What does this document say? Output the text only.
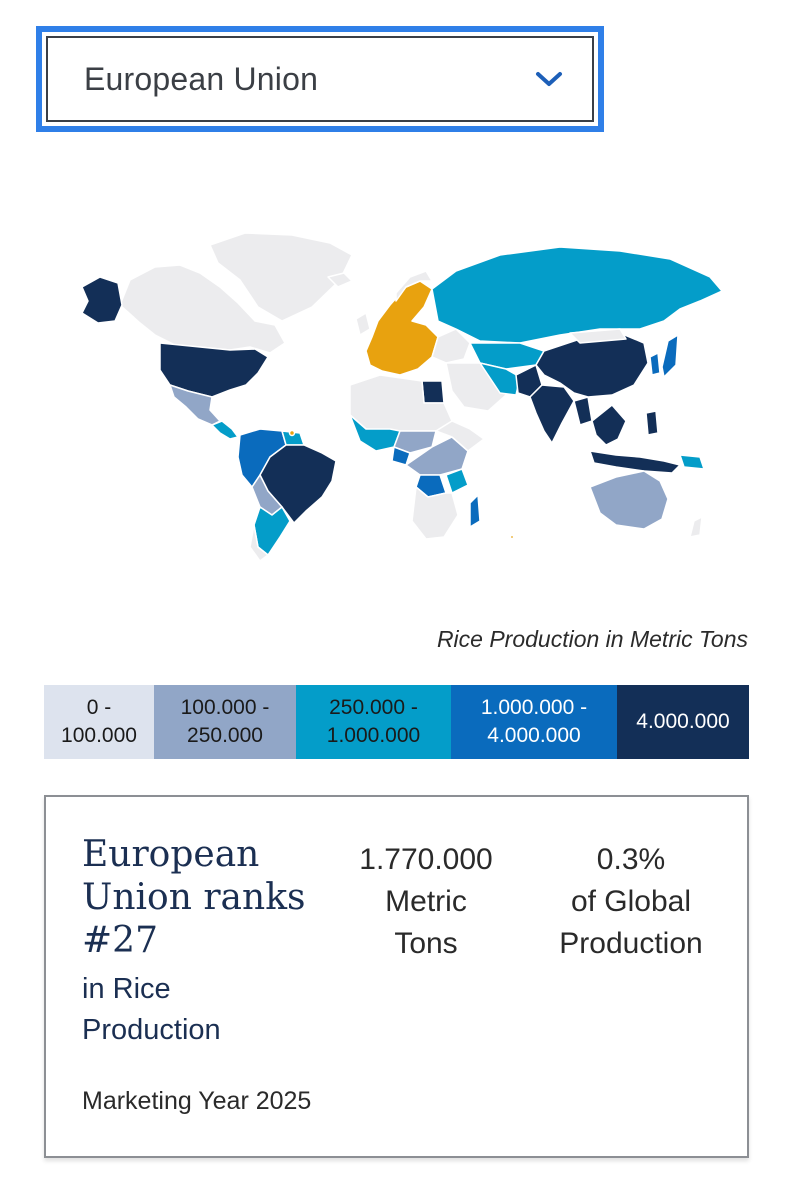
European Union
Rice Production in Metric Tons
0 -
100.000
100.000 -
250.000
250.000 -
1.000.000
1.000.000 -
4.000.000
4.000.000
European
Union ranks
#27
in Rice
Production
1.770.000
Metric
Tons
0.3%
of Global
Production
Marketing Year 2025
